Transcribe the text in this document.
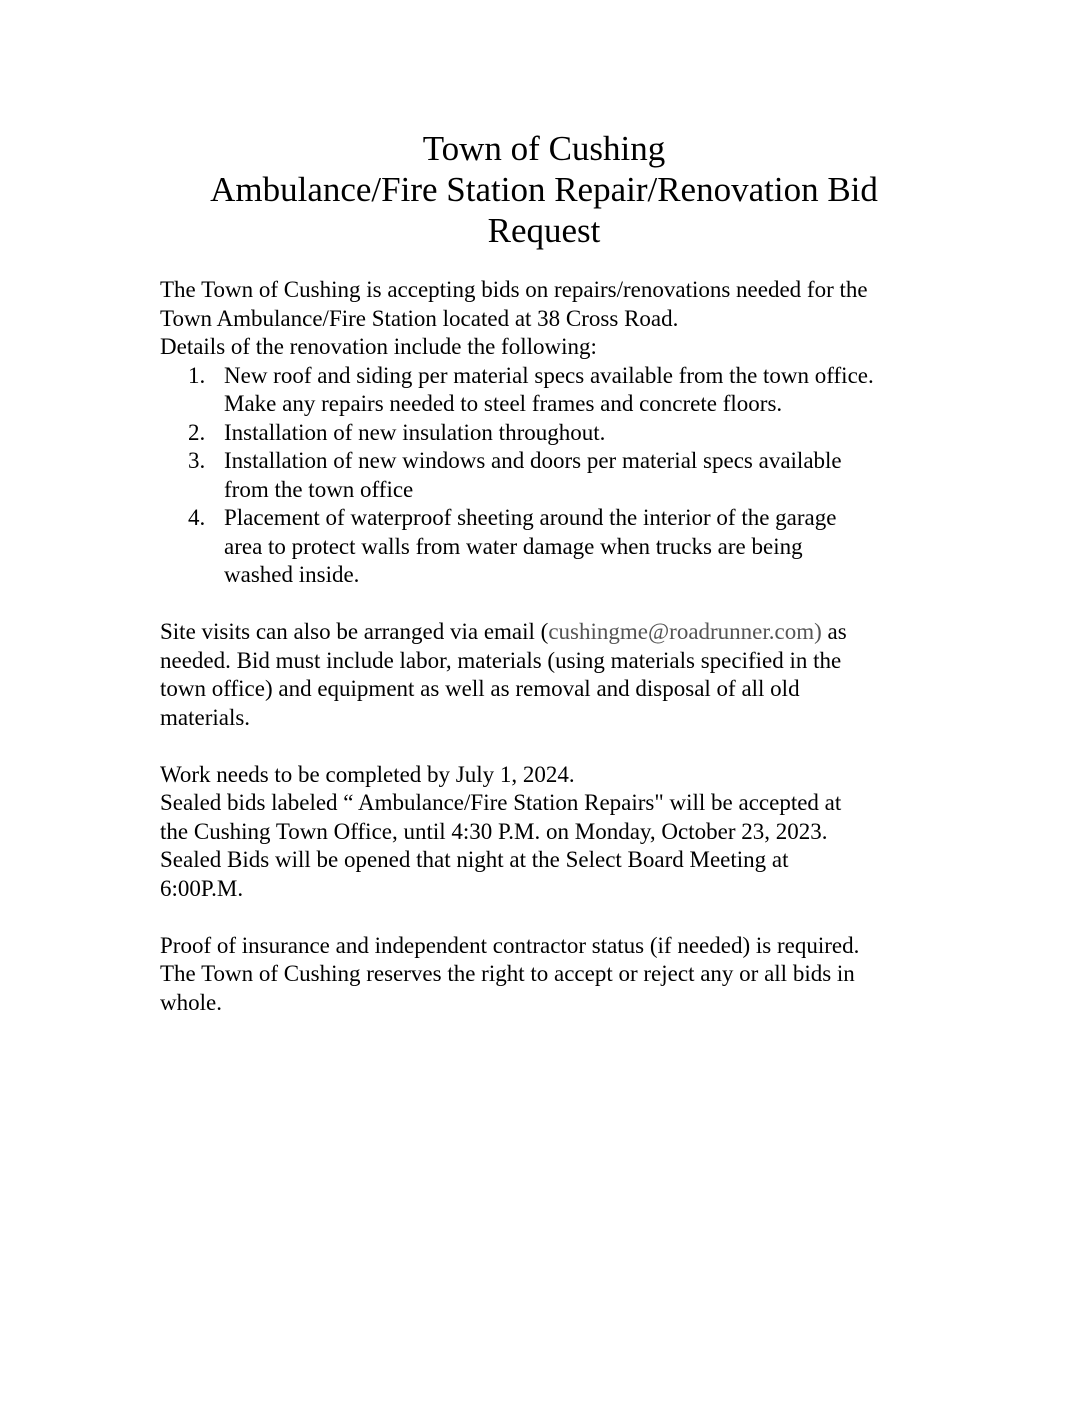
Town of Cushing
Ambulance/Fire Station Repair/Renovation Bid
Request

The Town of Cushing is accepting bids on repairs/renovations needed for the

Town Ambulance/Fire Station located at 38 Cross Road.

Details of the renovation include the following:

1. New roof and siding per material specs available from the town office.
Make any repairs needed to steel frames and concrete floors.
2. Installation of new insulation throughout.
3. Installation of new windows and doors per material specs available
from the town office
4. Placement of waterproof sheeting around the interior of the garage
area to protect walls from water damage when trucks are being
washed inside.

Site visits can also be arranged via email (cushingme@roadrunner.com) as

needed. Bid must include labor, materials (using materials specified in the

town office) and equipment as well as removal and disposal of all old

materials.

Work needs to be completed by July 1, 2024.

Sealed bids labeled “ Ambulance/Fire Station Repairs" will be accepted at

the Cushing Town Office, until 4:30 P.M. on Monday, October 23, 2023.

Sealed Bids will be opened that night at the Select Board Meeting at

6:00P.M.

Proof of insurance and independent contractor status (if needed) is required.

The Town of Cushing reserves the right to accept or reject any or all bids in

whole.
